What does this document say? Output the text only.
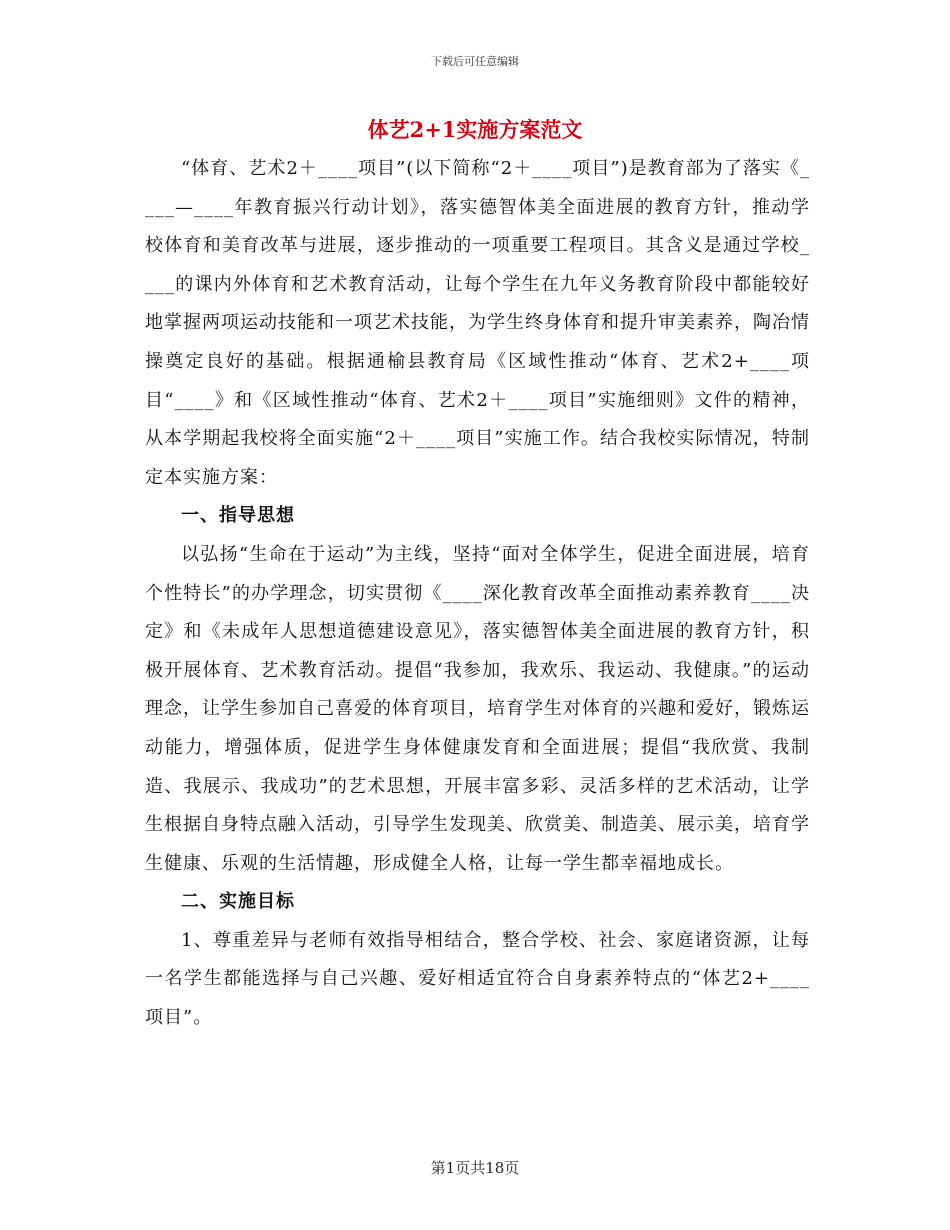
下载后可任意编辑
体艺2+1实施方案范文

“体育、艺术2＋____项目”(以下简称“2＋____项目”)是教育部为了落实《____—____年教育振兴行动计划》，落实德智体美全面进展的教育方针，推动学校体育和美育改革与进展，逐步推动的一项重要工程项目。其含义是通过学校____的课内外体育和艺术教育活动，让每个学生在九年义务教育阶段中都能较好地掌握两项运动技能和一项艺术技能，为学生终身体育和提升审美素养，陶冶情操奠定良好的基础。根据通榆县教育局《区域性推动“体育、艺术2+____项目“____》和《区域性推动“体育、艺术2＋____项目”实施细则》文件的精神，从本学期起我校将全面实施“2＋____项目”实施工作。结合我校实际情况，特制定本实施方案：

一、指导思想

以弘扬“生命在于运动”为主线，坚持“面对全体学生，促进全面进展，培育个性特长”的办学理念，切实贯彻《____深化教育改革全面推动素养教育____决定》和《未成年人思想道德建设意见》，落实德智体美全面进展的教育方针，积极开展体育、艺术教育活动。提倡“我参加，我欢乐、我运动、我健康。”的运动理念，让学生参加自己喜爱的体育项目，培育学生对体育的兴趣和爱好，锻炼运动能力，增强体质，促进学生身体健康发育和全面进展；提倡“我欣赏、我制造、我展示、我成功”的艺术思想，开展丰富多彩、灵活多样的艺术活动，让学生根据自身特点融入活动，引导学生发现美、欣赏美、制造美、展示美，培育学生健康、乐观的生活情趣，形成健全人格，让每一学生都幸福地成长。

二、实施目标

1、尊重差异与老师有效指导相结合，整合学校、社会、家庭诸资源，让每一名学生都能选择与自己兴趣、爱好相适宜符合自身素养特点的“体艺2+____项目”。

第1页共18页
